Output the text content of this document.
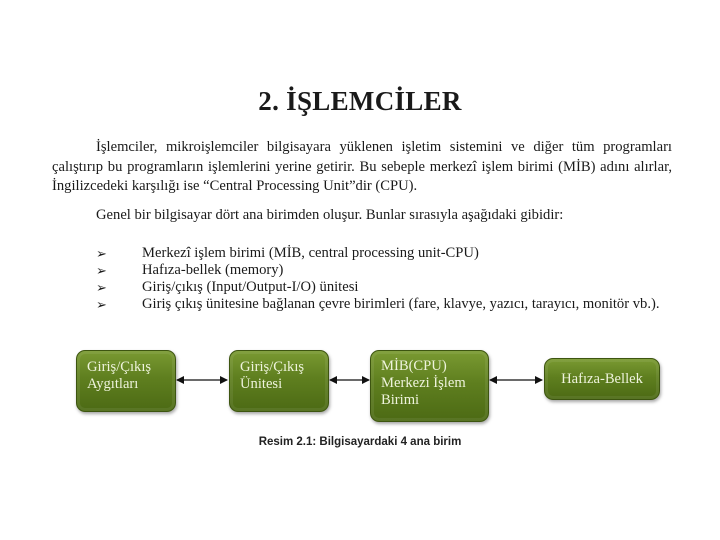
2. İŞLEMCİLER

İşlemciler, mikroişlemciler bilgisayara yüklenen işletim sistemini ve diğer tüm programları çalıştırıp bu programların işlemlerini yerine getirir. Bu sebeple merkezî işlem birimi (MİB) adını alırlar, İngilizcedeki karşılığı ise “Central Processing Unit”dir (CPU).

Genel bir bilgisayar dört ana birimden oluşur. Bunlar sırasıyla aşağıdaki gibidir:

➢ Merkezî işlem birimi (MİB, central processing unit-CPU)
➢ Hafıza-bellek (memory)
➢ Giriş/çıkış (Input/Output-I/O) ünitesi
➢ Giriş çıkış ünitesine bağlanan çevre birimleri (fare, klavye, yazıcı, tarayıcı, monitör vb.).
Giriş/Çıkış
Aygıtları
Giriş/Çıkış
Ünitesi
MİB(CPU)
Merkezi İşlem
Birimi
Hafıza-Bellek
Resim 2.1: Bilgisayardaki 4 ana birim
